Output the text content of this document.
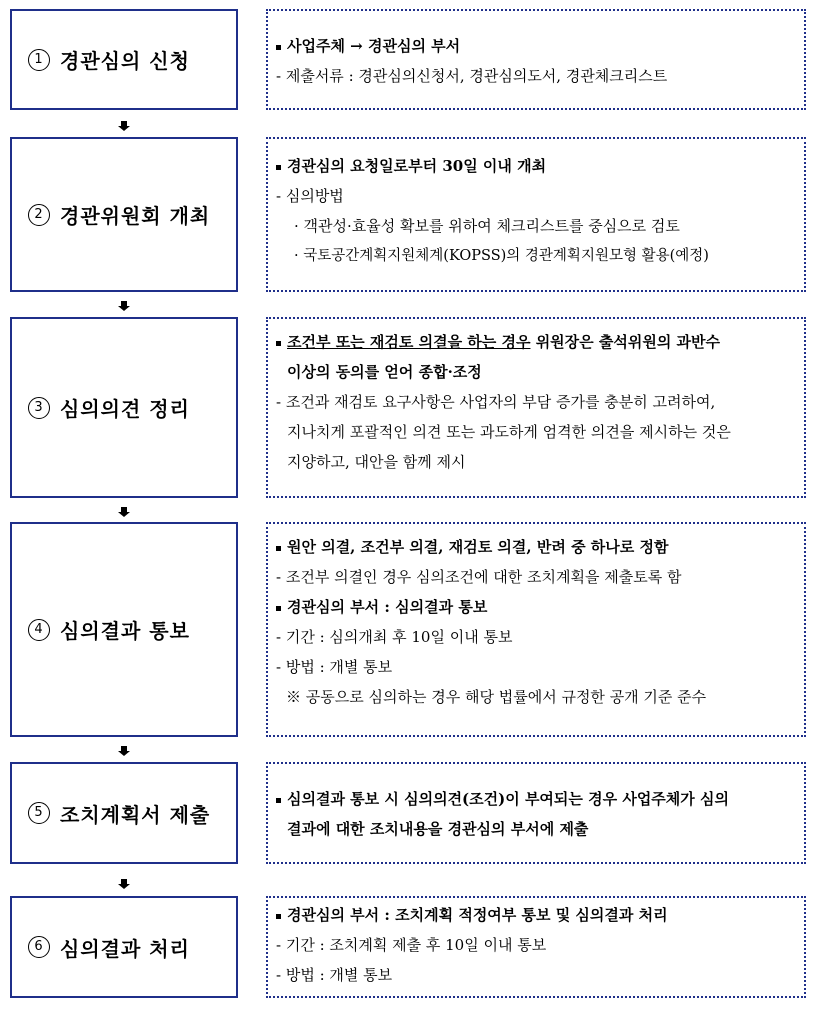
1 경관심의 신청
2 경관위원회 개최
3 심의의견 정리
4 심의결과 통보
5 조치계획서 제출
6 심의결과 처리
사업주체 → 경관심의 부서
- 제출서류 : 경관심의신청서, 경관심의도서, 경관체크리스트
경관심의 요청일로부터 30일 이내 개최
- 심의방법
· 객관성·효율성 확보를 위하여 체크리스트를 중심으로 검토
· 국토공간계획지원체계(KOPSS)의 경관계획지원모형 활용(예정)
조건부 또는 재검토 의결을 하는 경우 위원장은 출석위원의 과반수
이상의 동의를 얻어 종합·조정
- 조건과 재검토 요구사항은 사업자의 부담 증가를 충분히 고려하여,
지나치게 포괄적인 의견 또는 과도하게 엄격한 의견을 제시하는 것은
지양하고, 대안을 함께 제시
원안 의결, 조건부 의결, 재검토 의결, 반려 중 하나로 정함
- 조건부 의결인 경우 심의조건에 대한 조치계획을 제출토록 함
경관심의 부서 : 심의결과 통보
- 기간 : 심의개최 후 10일 이내 통보
- 방법 : 개별 통보
※ 공동으로 심의하는 경우 해당 법률에서 규정한 공개 기준 준수
심의결과 통보 시 심의의견(조건)이 부여되는 경우 사업주체가 심의
결과에 대한 조치내용을 경관심의 부서에 제출
경관심의 부서 : 조치계획 적정여부 통보 및 심의결과 처리
- 기간 : 조치계획 제출 후 10일 이내 통보
- 방법 : 개별 통보
